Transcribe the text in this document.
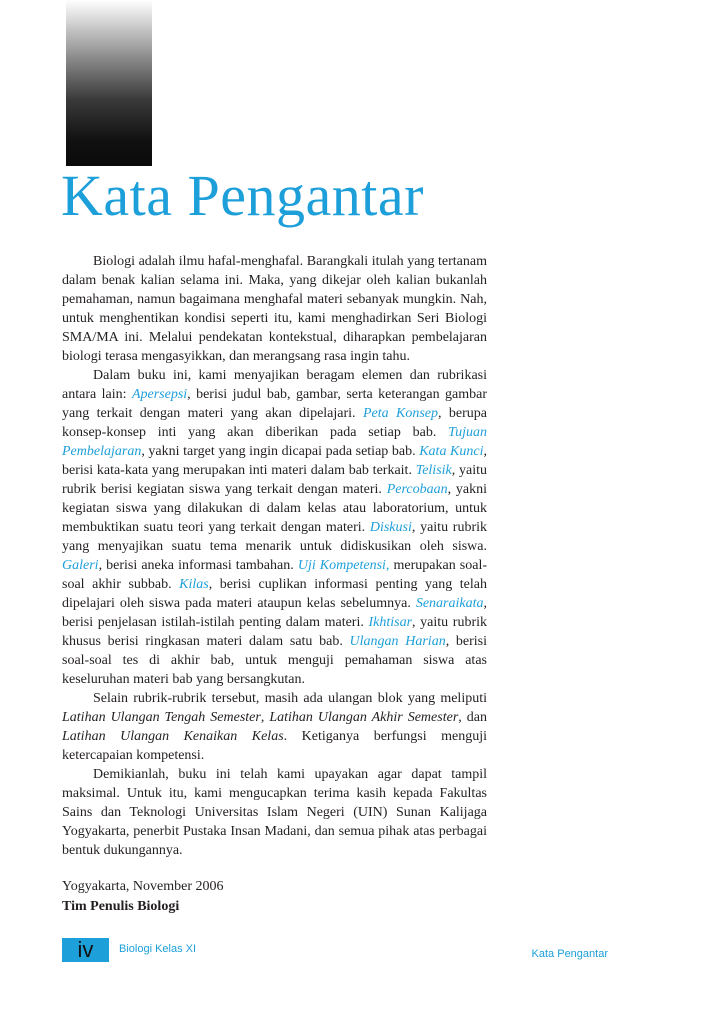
Kata Pengantar

Biologi adalah ilmu hafal-menghafal. Barangkali itulah yang tertanam dalam benak kalian selama ini. Maka, yang dikejar oleh kalian bukanlah pemahaman, namun bagaimana menghafal materi sebanyak mungkin. Nah, untuk menghentikan kondisi seperti itu, kami menghadirkan Seri Biologi SMA/MA ini. Melalui pendekatan kontekstual, diharapkan pembelajaran biologi terasa mengasyikkan, dan merangsang rasa ingin tahu.

Dalam buku ini, kami menyajikan beragam elemen dan rubrikasi antara lain: Apersepsi, berisi judul bab, gambar, serta keterangan gambar yang terkait dengan materi yang akan dipelajari. Peta Konsep, berupa konsep-konsep inti yang akan diberikan pada setiap bab. Tujuan Pembelajaran, yakni target yang ingin dicapai pada setiap bab. Kata Kunci, berisi kata-kata yang merupakan inti materi dalam bab terkait. Telisik, yaitu rubrik berisi kegiatan siswa yang terkait dengan materi. Percobaan, yakni kegiatan siswa yang dilakukan di dalam kelas atau laboratorium, untuk membuktikan suatu teori yang terkait dengan materi. Diskusi, yaitu rubrik yang menyajikan suatu tema menarik untuk didiskusikan oleh siswa. Galeri, berisi aneka informasi tambahan. Uji Kompetensi, merupakan soal-soal akhir subbab. Kilas, berisi cuplikan informasi penting yang telah dipelajari oleh siswa pada materi ataupun kelas sebelumnya. Senaraikata, berisi penjelasan istilah-istilah penting dalam materi. Ikhtisar, yaitu rubrik khusus berisi ringkasan materi dalam satu bab. Ulangan Harian, berisi soal-soal tes di akhir bab, untuk menguji pemahaman siswa atas keseluruhan materi bab yang bersangkutan.

Selain rubrik-rubrik tersebut, masih ada ulangan blok yang meliputi Latihan Ulangan Tengah Semester, Latihan Ulangan Akhir Semester, dan Latihan Ulangan Kenaikan Kelas. Ketiganya berfungsi menguji ketercapaian kompetensi.

Demikianlah, buku ini telah kami upayakan agar dapat tampil maksimal. Untuk itu, kami mengucapkan terima kasih kepada Fakultas Sains dan Teknologi Universitas Islam Negeri (UIN) Sunan Kalijaga Yogyakarta, penerbit Pustaka Insan Madani, dan semua pihak atas perbagai bentuk dukungannya.

Yogyakarta, November 2006
Tim Penulis Biologi
iv	Biologi Kelas XI	Kata Pengantar
